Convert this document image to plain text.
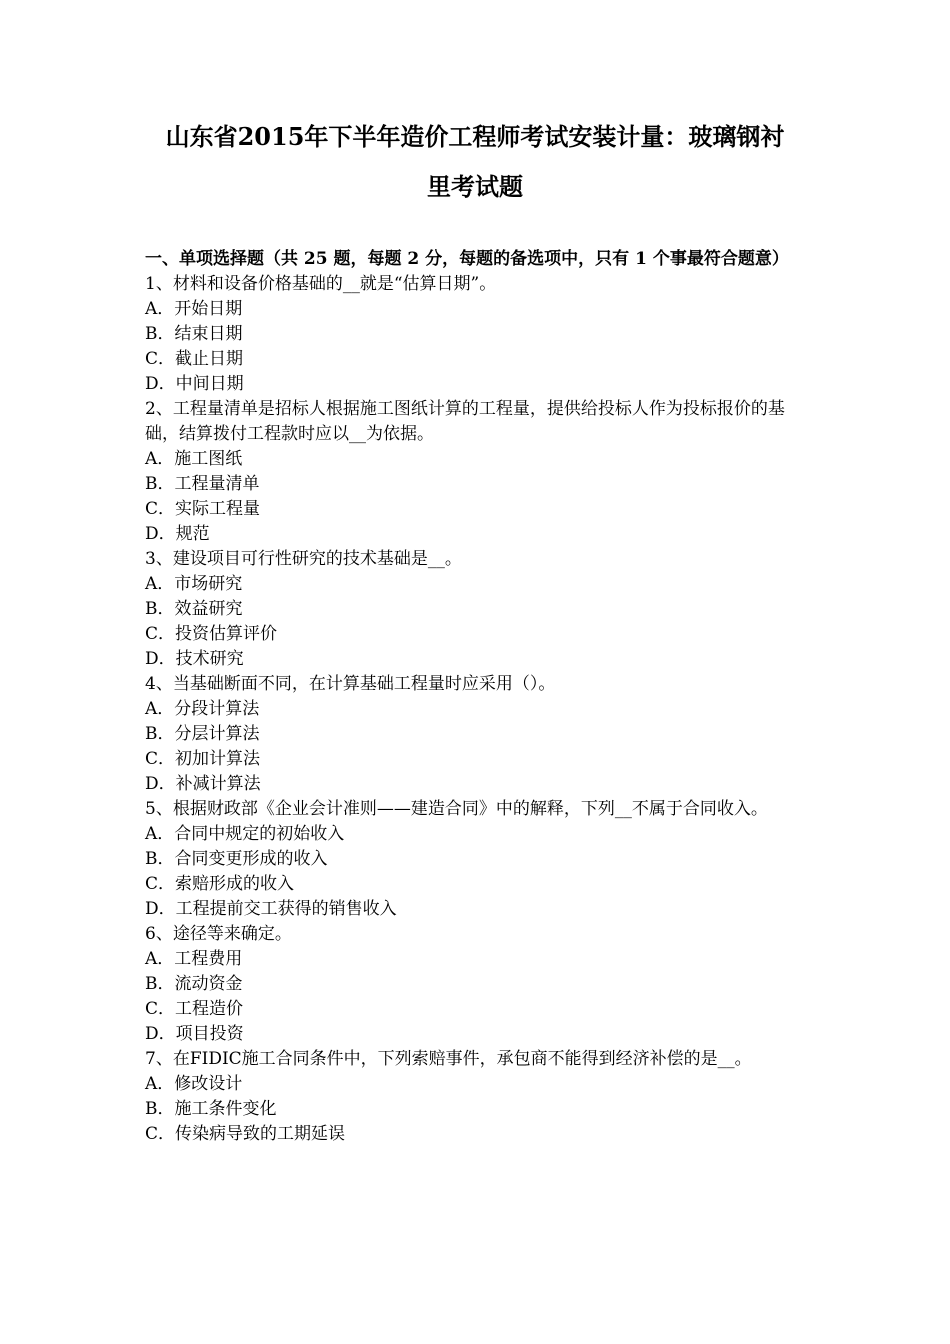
山东省2015年下半年造价工程师考试安装计量：玻璃钢衬
里考试题
一、单项选择题（共 25 题，每题 2 分，每题的备选项中，只有 1 个事最符合题意）
1、材料和设备价格基础的__就是“估算日期”。
A．开始日期
B．结束日期
C．截止日期
D．中间日期
2、工程量清单是招标人根据施工图纸计算的工程量，提供给投标人作为投标报价的基础，结算拨付工程款时应以__为依据。
A．施工图纸
B．工程量清单
C．实际工程量
D．规范
3、建设项目可行性研究的技术基础是__。
A．市场研究
B．效益研究
C．投资估算评价
D．技术研究
4、当基础断面不同，在计算基础工程量时应采用（）。
A．分段计算法
B．分层计算法
C．初加计算法
D．补减计算法
5、根据财政部《企业会计准则——建造合同》中的解释，下列__不属于合同收入。
A．合同中规定的初始收入
B．合同变更形成的收入
C．索赔形成的收入
D．工程提前交工获得的销售收入
6、途径等来确定。
A．工程费用
B．流动资金
C．工程造价
D．项目投资
7、在FIDIC施工合同条件中，下列索赔事件，承包商不能得到经济补偿的是__。
A．修改设计
B．施工条件变化
C．传染病导致的工期延误
